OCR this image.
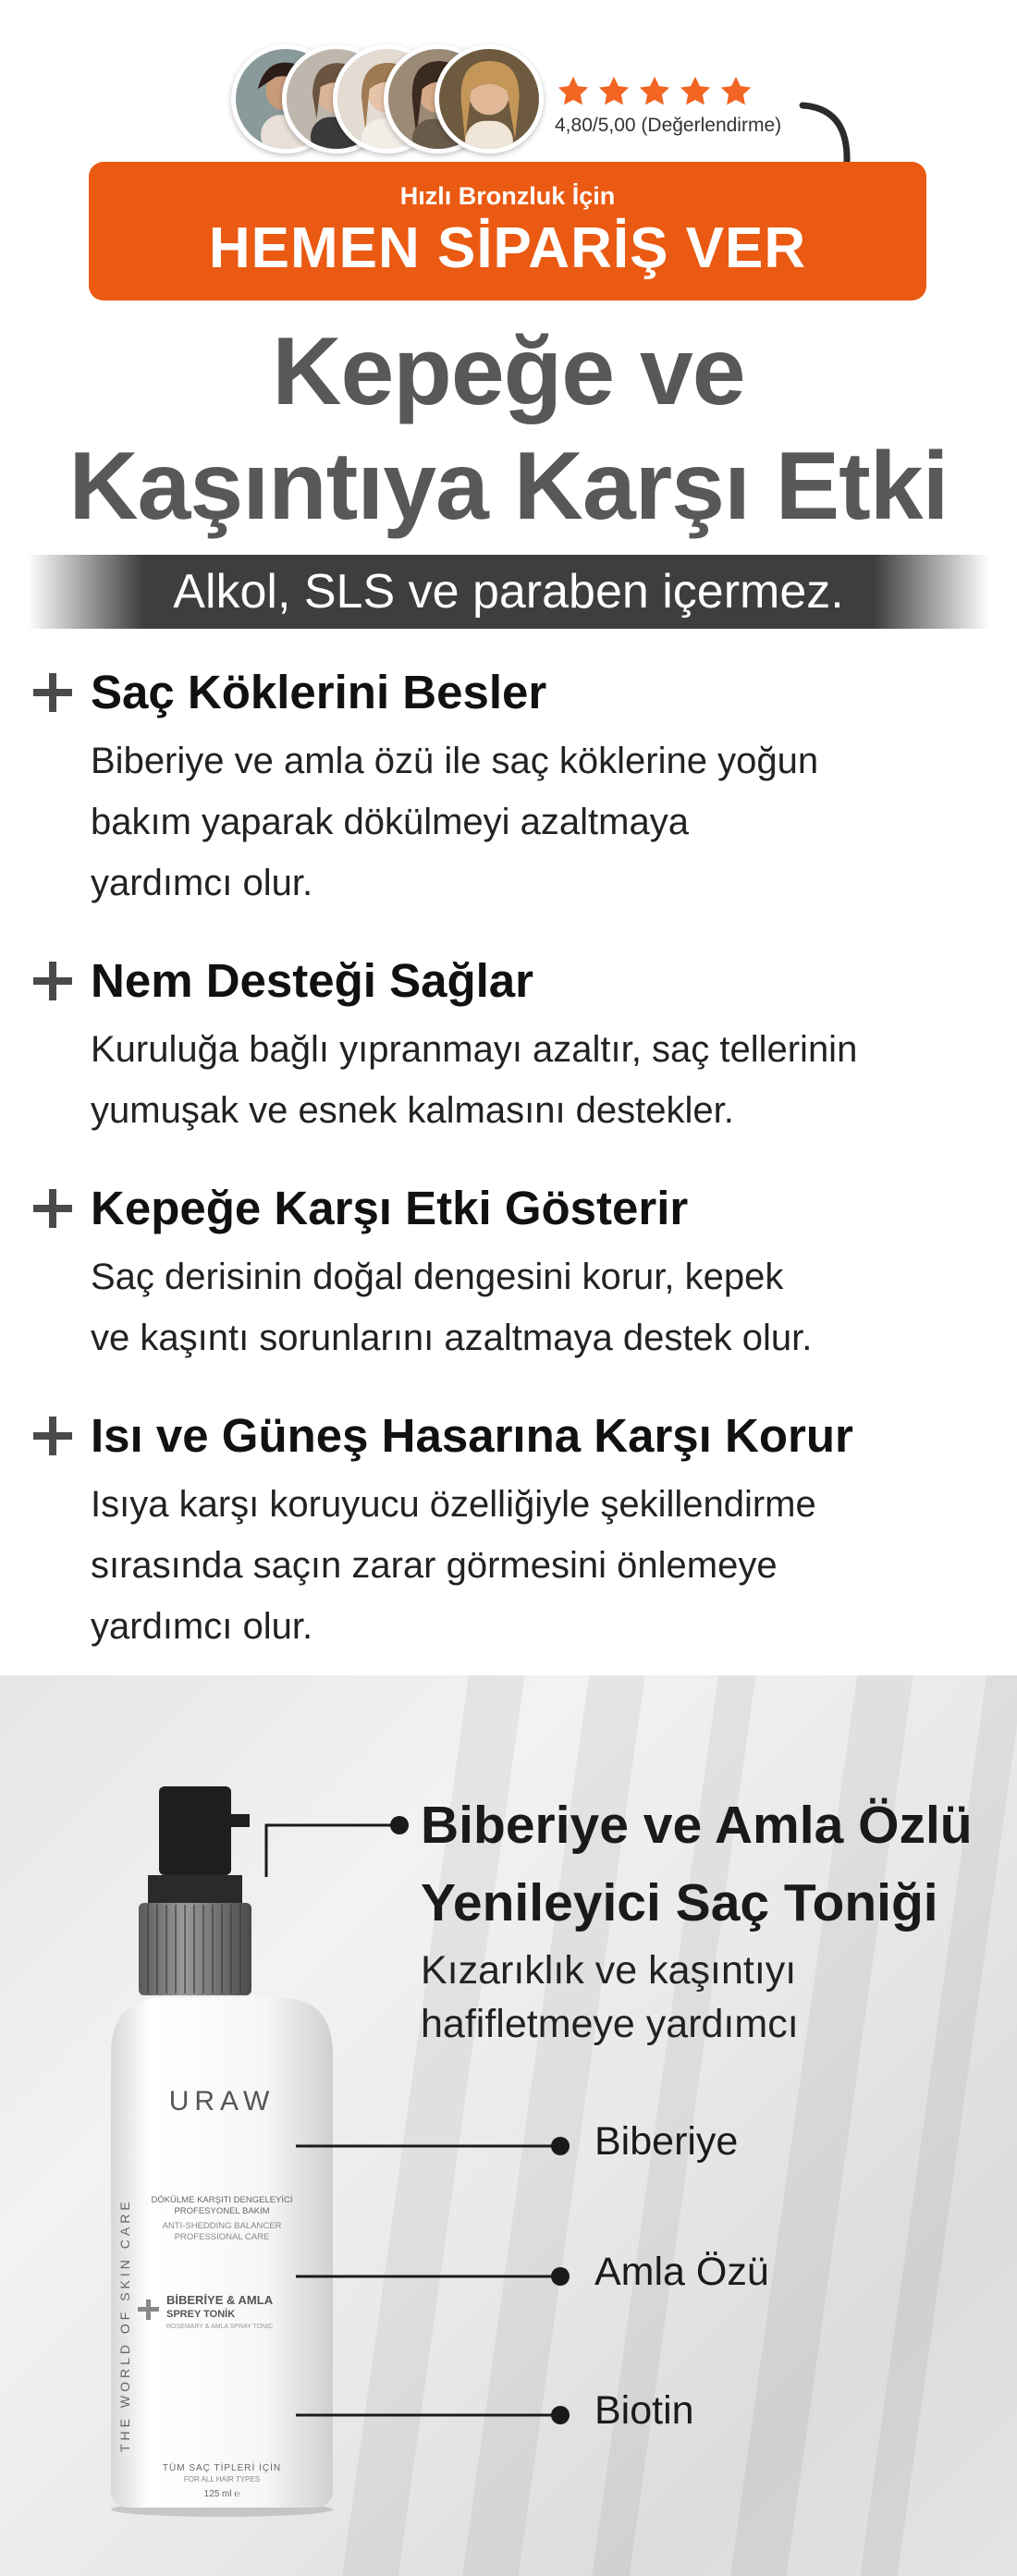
4,80/5,00 (Değerlendirme)
Hızlı Bronzluk İçin
HEMEN SİPARİŞ VER
Kepeğe ve
Kaşıntıya Karşı Etki
Alkol, SLS ve paraben içermez.
Saç Köklerini Besler
Biberiye ve amla özü ile saç köklerine yoğun
bakım yaparak dökülmeyi azaltmaya
yardımcı olur.
Nem Desteği Sağlar
Kuruluğa bağlı yıpranmayı azaltır, saç tellerinin
yumuşak ve esnek kalmasını destekler.
Kepeğe Karşı Etki Gösterir
Saç derisinin doğal dengesini korur, kepek
ve kaşıntı sorunlarını azaltmaya destek olur.
Isı ve Güneş Hasarına Karşı Korur
Isıya karşı koruyucu özelliğiyle şekillendirme
sırasında saçın zarar görmesini önlemeye
yardımcı olur.
URAW
THE WORLD OF SKIN CARE DÖKÜLME KARŞITI DENGELEYİCİ
PROFESYONEL BAKIM
ANTI-SHEDDING BALANCER
PROFESSIONAL CARE
BİBERİYE & AMLA
SPREY TONİK
ROSEMARY & AMLA SPRAY TONIC
TÜM SAÇ TİPLERİ İÇİN
FOR ALL HAIR TYPES
125 ml ℮
Biberiye ve Amla Özlü
Yenileyici Saç Toniği
Kızarıklık ve kaşıntıyı
hafifletmeye yardımcı
Biberiye
Amla Özü
Biotin
